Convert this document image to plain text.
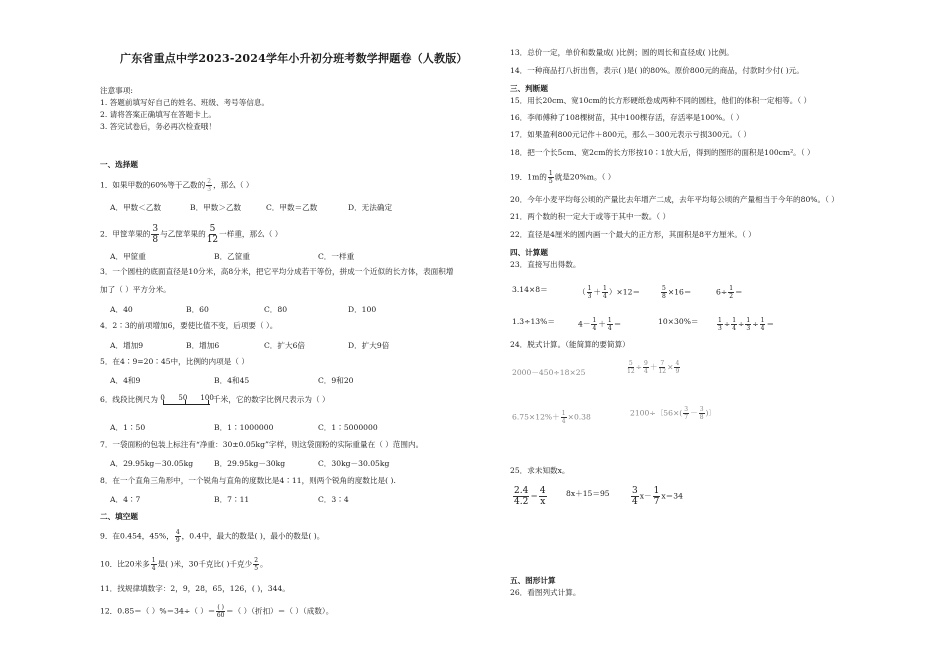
广东省重点中学2023-2024学年小升初分班考数学押题卷（人教版）
注意事项:
1. 答题前填写好自己的姓名、班级、考号等信息。
2. 请将答案正确填写在答题卡上。
3. 答完试卷后，务必再次检查哦！
一、选择题
1．如果甲数的60%等于乙数的 $\frac{2}{3}$ ，那么（ ）
A．甲数＜乙数	B．甲数＞乙数	C．甲数＝乙数	D．无法确定
2．甲筐苹果的 $\frac{3}{8}$ 与乙筐苹果的 $\frac{5}{12}$ 一样重，那么（ ）
A．甲筐重	B．乙筐重	C．一样重
3．一个圆柱的底面直径是10分米，高8分米，把它平均分成若干等份，拼成一个近似的长方体，表面积增
加了（ ）平方分米。
A．40	B．60	C．80	D．100
4．2∶3的前项增加6，要使比值不变，后项要（ ）。
A．增加9	B．增加6	C．扩大6倍	D．扩大9倍
5．在4∶9=20∶45中，比例的内项是（ ）
A．4和9	B．4和45	C．9和20
6．线段比例尺为 0 50 100
千米，它的数字比例尺表示为（ ）
A．1∶50	B．1∶1000000	C．1∶5000000
7．一袋面粉的包装上标注有“净重：30±0.05kg”字样，则这袋面粉的实际重量在（ ）范围内。
A．29.95kg－30.05kg	B．29.95kg－30kg	C．30kg－30.05kg
8．在一个直角三角形中，一个锐角与直角的度数比是4∶11，则两个锐角的度数比是( ).
A．4∶7	B．7∶11	C．3∶4
二、填空题
9．在0.454，45%， $\frac{4}{9}$ ，0.4中，最大的数是( )，最小的数是( )。
10．比20米多 $\frac{1}{4}$ 是( )米，30千克比( )千克少 $\frac{2}{5}$ 。
11．找规律填数字：2，9，28，65，126，( )，344。
12．0.85＝（ ）%＝34÷（ ）＝ $\frac{( )}{60}$ ＝（ ）（折扣）＝（ ）（成数）。
13．总价一定，单价和数量成( )比例；圆的周长和直径成( )比例。
14．一种商品打八折出售，表示( )是( )的80%。原价800元的商品，付款时少付( )元。
三、判断题
15．用长20cm、宽10cm的长方形硬纸卷成两种不同的圆柱，他们的体积一定相等。（ ）
16．李师傅种了108棵树苗，其中100棵存活，存活率是100%。（ ）
17．如果盈利800元记作＋800元，那么－300元表示亏损300元。（ ）
18．把一个长5cm、宽2cm的长方形按10∶1放大后，得到的图形的面积是100cm²。（ ）
19．1m的 $\frac{1}{5}$ 就是20%m。（ ）
20．今年小麦平均每公顷的产量比去年增产二成，去年平均每公顷的产量相当于今年的80%。（ ）
21．两个数的积一定大于或等于其中一数。（ ）
22．直径是4厘米的圆内画一个最大的正方形，其面积是8平方厘米。（ ）
四、计算题
23．直接写出得数。
3.14×8＝	（ $\frac{1}{3} + \frac{1}{4} )\times 12=$	$\frac{5}{8} \times 16=$	$6\div \frac{1}{2}$ ＝
1.3÷13%＝	$4- \frac{1}{4} + \frac{1}{4}$ ＝	10×30%＝	$\frac{1}{3} \div \frac{1}{4} \div \frac{1}{3} \div \frac{1}{4}$ ＝
24．脱式计算。（能简算的要简算）
2000－450÷18×25	$\frac{5}{12} \div \frac{9}{4} + \frac{7}{12} \times \frac{4}{9}$
$6.75\times 12\%+ \frac{1}{4} \times 0.38$	2100÷〔$56\times( \frac{3}{7} - \frac{3}{8}$ )〕
25．求未知数x。
$\frac{2.4}{4.2} = \frac{4}{x}$	$8x+15=95 \frac{3}{4} x- \frac{1}{7} x=34$
五、图形计算
26．看图列式计算。
